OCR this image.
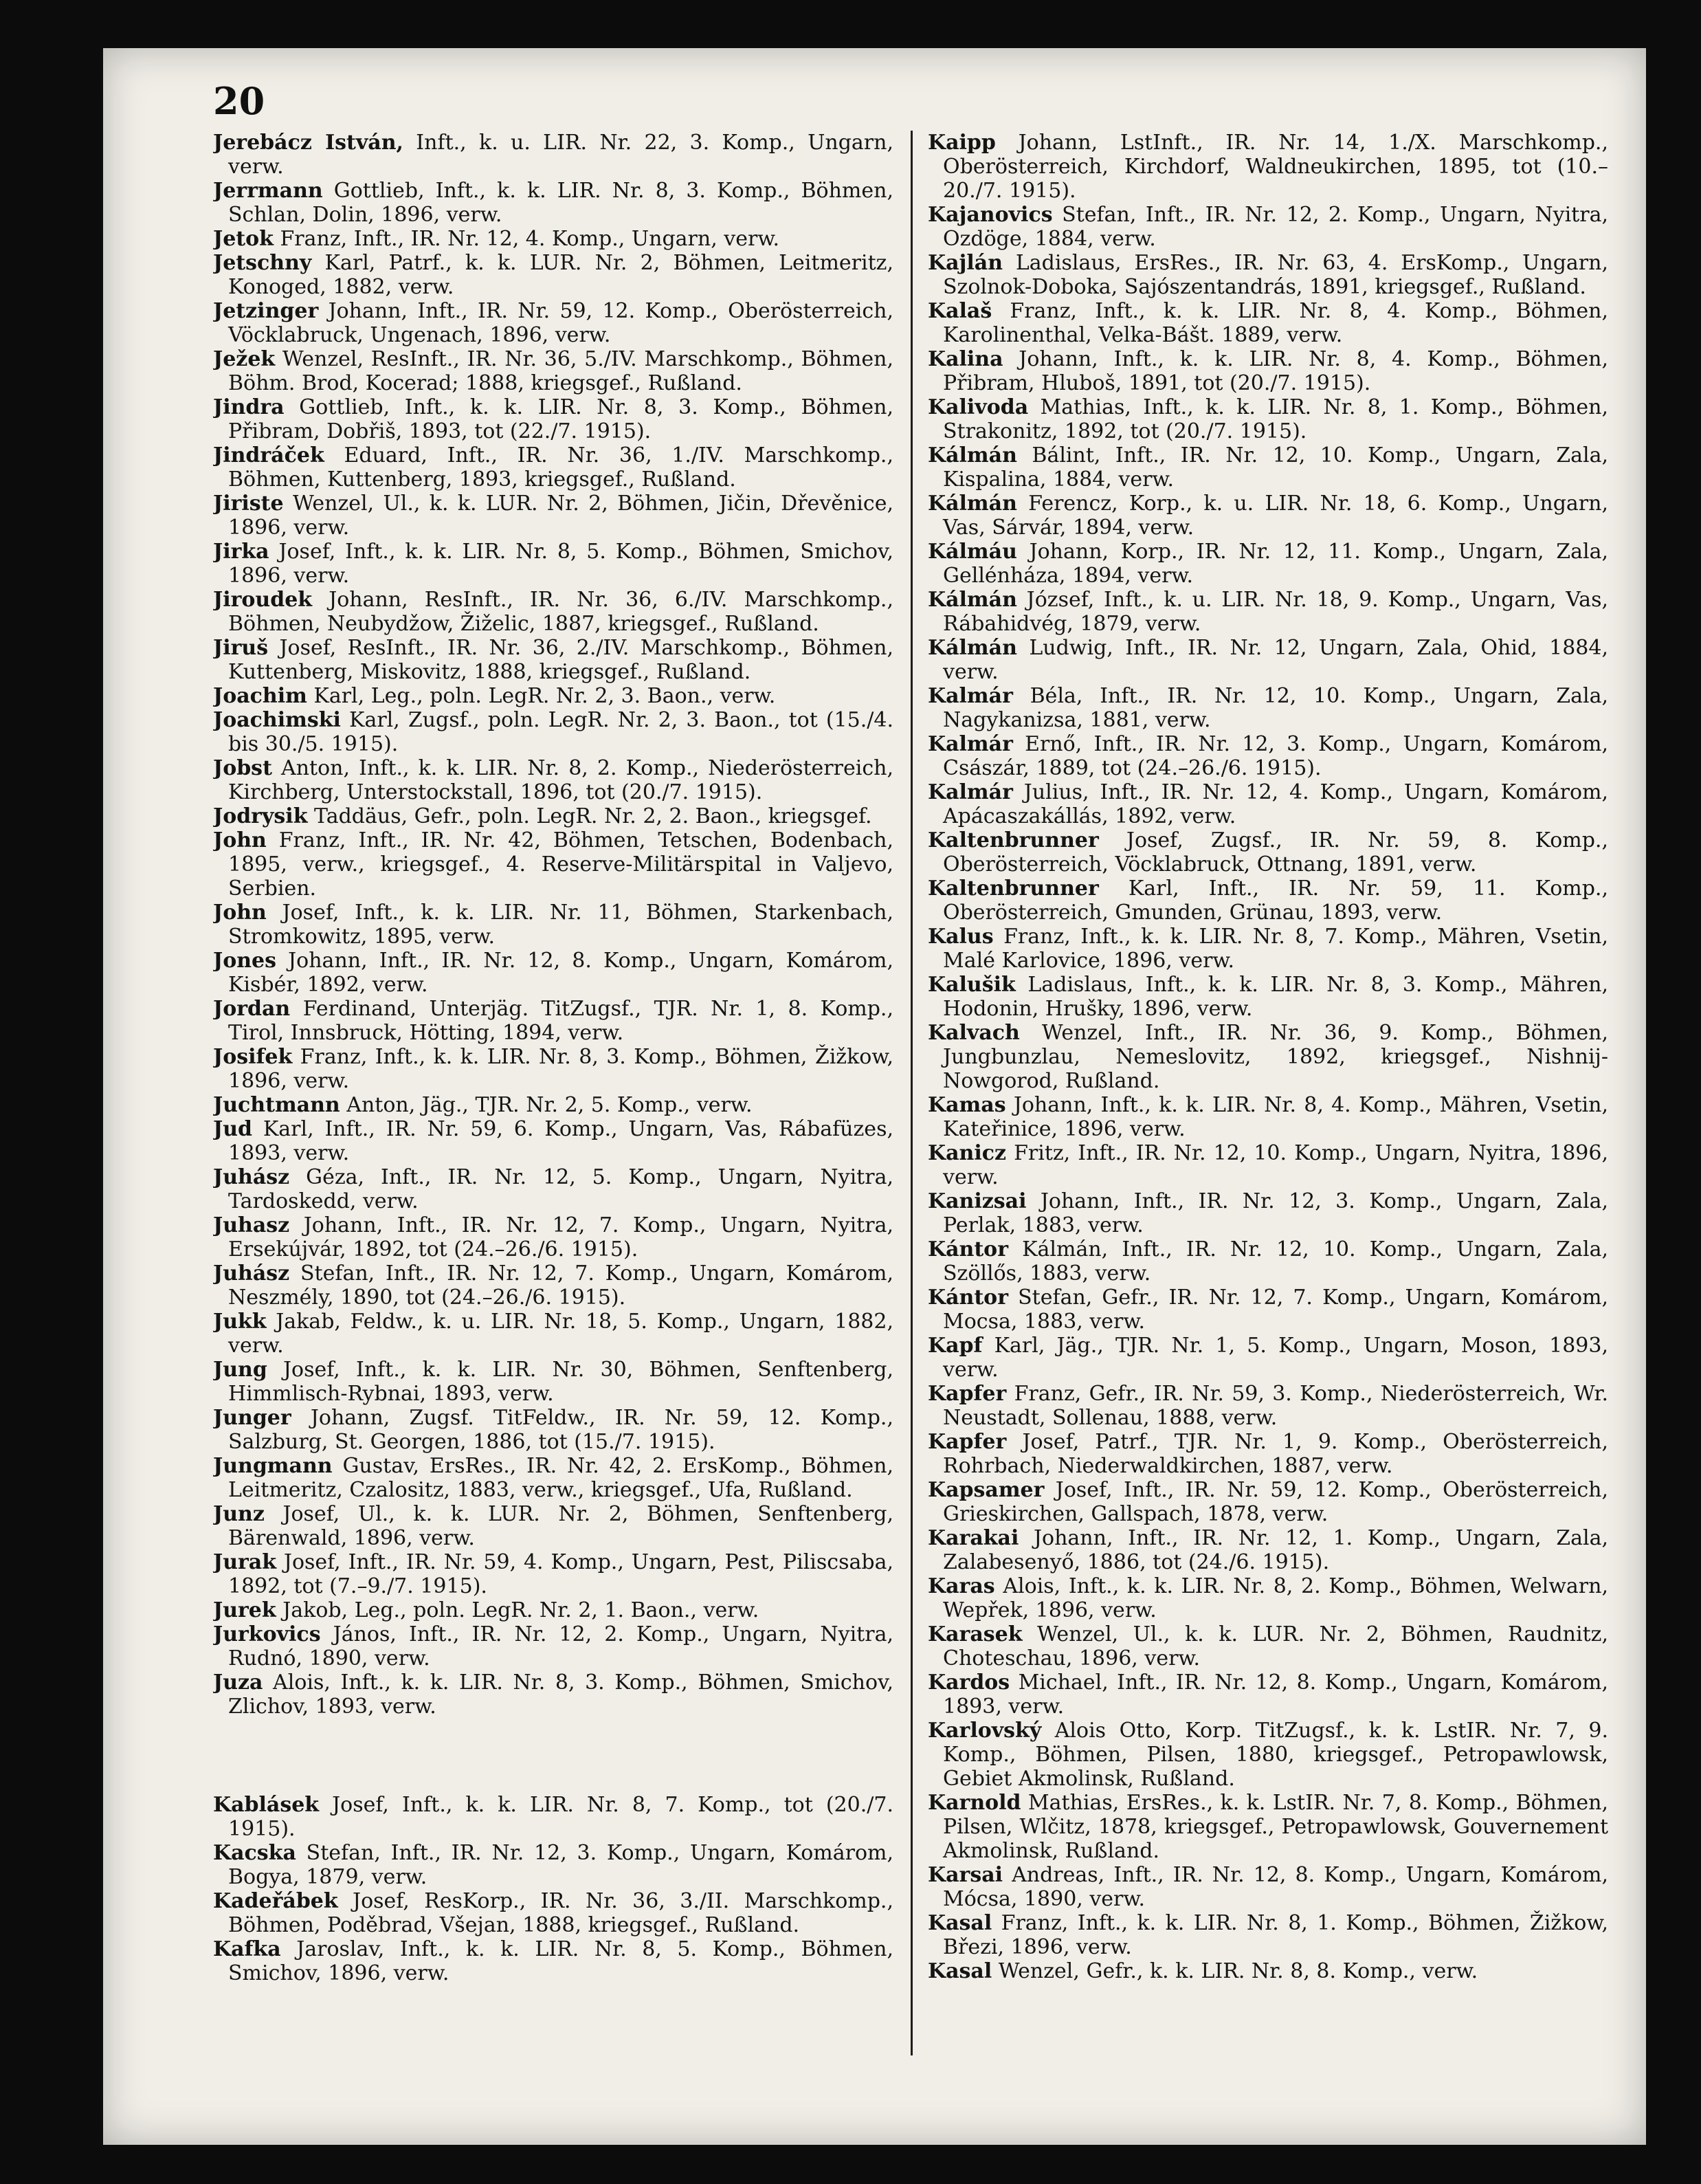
20

Jerebácz István, Inft., k. u. LIR. Nr. 22, 3. Komp., Ungarn, verw.

Jerrmann Gottlieb, Inft., k. k. LIR. Nr. 8, 3. Komp., Böhmen, Schlan, Dolin, 1896, verw.

Jetok Franz, Inft., IR. Nr. 12, 4. Komp., Ungarn, verw.

Jetschny Karl, Patrf., k. k. LUR. Nr. 2, Böhmen, Leitmeritz, Konoged, 1882, verw.

Jetzinger Johann, Inft., IR. Nr. 59, 12. Komp., Oberösterreich, Vöcklabruck, Ungenach, 1896, verw.

Ježek Wenzel, ResInft., IR. Nr. 36, 5./IV. Marschkomp., Böhmen, Böhm. Brod, Kocerad; 1888, kriegsgef., Rußland.

Jindra Gottlieb, Inft., k. k. LIR. Nr. 8, 3. Komp., Böhmen, Přibram, Dobřiš, 1893, tot (22./7. 1915).

Jindráček Eduard, Inft., IR. Nr. 36, 1./IV. Marschkomp., Böhmen, Kuttenberg, 1893, kriegsgef., Rußland.

Jiriste Wenzel, Ul., k. k. LUR. Nr. 2, Böhmen, Jičin, Dřevěnice, 1896, verw.

Jirka Josef, Inft., k. k. LIR. Nr. 8, 5. Komp., Böhmen, Smichov, 1896, verw.

Jiroudek Johann, ResInft., IR. Nr. 36, 6./IV. Marschkomp., Böhmen, Neubydžow, Žiželic, 1887, kriegsgef., Rußland.

Jiruš Josef, ResInft., IR. Nr. 36, 2./IV. Marschkomp., Böhmen, Kuttenberg, Miskovitz, 1888, kriegsgef., Rußland.

Joachim Karl, Leg., poln. LegR. Nr. 2, 3. Baon., verw.

Joachimski Karl, Zugsf., poln. LegR. Nr. 2, 3. Baon., tot (15./4. bis 30./5. 1915).

Jobst Anton, Inft., k. k. LIR. Nr. 8, 2. Komp., Niederösterreich, Kirchberg, Unterstockstall, 1896, tot (20./7. 1915).

Jodrysik Taddäus, Gefr., poln. LegR. Nr. 2, 2. Baon., kriegsgef.

John Franz, Inft., IR. Nr. 42, Böhmen, Tetschen, Bodenbach, 1895, verw., kriegsgef., 4. Reserve-Militärspital in Valjevo, Serbien.

John Josef, Inft., k. k. LIR. Nr. 11, Böhmen, Starkenbach, Stromkowitz, 1895, verw.

Jones Johann, Inft., IR. Nr. 12, 8. Komp., Ungarn, Komárom, Kisbér, 1892, verw.

Jordan Ferdinand, Unterjäg. TitZugsf., TJR. Nr. 1, 8. Komp., Tirol, Innsbruck, Hötting, 1894, verw.

Josifek Franz, Inft., k. k. LIR. Nr. 8, 3. Komp., Böhmen, Žižkow, 1896, verw.

Juchtmann Anton, Jäg., TJR. Nr. 2, 5. Komp., verw.

Jud Karl, Inft., IR. Nr. 59, 6. Komp., Ungarn, Vas, Rábafüzes, 1893, verw.

Juhász Géza, Inft., IR. Nr. 12, 5. Komp., Ungarn, Nyitra, Tardoskedd, verw.

Juhasz Johann, Inft., IR. Nr. 12, 7. Komp., Ungarn, Nyitra, Ersekújvár, 1892, tot (24.–26./6. 1915).

Juhász Stefan, Inft., IR. Nr. 12, 7. Komp., Ungarn, Komárom, Neszmély, 1890, tot (24.–26./6. 1915).

Jukk Jakab, Feldw., k. u. LIR. Nr. 18, 5. Komp., Ungarn, 1882, verw.

Jung Josef, Inft., k. k. LIR. Nr. 30, Böhmen, Senftenberg, Himmlisch-Rybnai, 1893, verw.

Junger Johann, Zugsf. TitFeldw., IR. Nr. 59, 12. Komp., Salzburg, St. Georgen, 1886, tot (15./7. 1915).

Jungmann Gustav, ErsRes., IR. Nr. 42, 2. ErsKomp., Böhmen, Leitmeritz, Czalositz, 1883, verw., kriegsgef., Ufa, Rußland.

Junz Josef, Ul., k. k. LUR. Nr. 2, Böhmen, Senftenberg, Bärenwald, 1896, verw.

Jurak Josef, Inft., IR. Nr. 59, 4. Komp., Ungarn, Pest, Piliscsaba, 1892, tot (7.–9./7. 1915).

Jurek Jakob, Leg., poln. LegR. Nr. 2, 1. Baon., verw.

Jurkovics János, Inft., IR. Nr. 12, 2. Komp., Ungarn, Nyitra, Rudnó, 1890, verw.

Juza Alois, Inft., k. k. LIR. Nr. 8, 3. Komp., Böhmen, Smichov, Zlichov, 1893, verw.

Kablásek Josef, Inft., k. k. LIR. Nr. 8, 7. Komp., tot (20./7. 1915).

Kacska Stefan, Inft., IR. Nr. 12, 3. Komp., Ungarn, Komárom, Bogya, 1879, verw.

Kadeřábek Josef, ResKorp., IR. Nr. 36, 3./II. Marschkomp., Böhmen, Poděbrad, Všejan, 1888, kriegsgef., Rußland.

Kafka Jaroslav, Inft., k. k. LIR. Nr. 8, 5. Komp., Böhmen, Smichov, 1896, verw.

Kaipp Johann, LstInft., IR. Nr. 14, 1./X. Marschkomp., Oberösterreich, Kirchdorf, Waldneukirchen, 1895, tot (10.–20./7. 1915).

Kajanovics Stefan, Inft., IR. Nr. 12, 2. Komp., Ungarn, Nyitra, Ozdöge, 1884, verw.

Kajlán Ladislaus, ErsRes., IR. Nr. 63, 4. ErsKomp., Ungarn, Szolnok-Doboka, Sajószentandrás, 1891, kriegsgef., Rußland.

Kalaš Franz, Inft., k. k. LIR. Nr. 8, 4. Komp., Böhmen, Karolinenthal, Velka-Bášt. 1889, verw.

Kalina Johann, Inft., k. k. LIR. Nr. 8, 4. Komp., Böhmen, Přibram, Hluboš, 1891, tot (20./7. 1915).

Kalivoda Mathias, Inft., k. k. LIR. Nr. 8, 1. Komp., Böhmen, Strakonitz, 1892, tot (20./7. 1915).

Kálmán Bálint, Inft., IR. Nr. 12, 10. Komp., Ungarn, Zala, Kispalina, 1884, verw.

Kálmán Ferencz, Korp., k. u. LIR. Nr. 18, 6. Komp., Ungarn, Vas, Sárvár, 1894, verw.

Kálmáu Johann, Korp., IR. Nr. 12, 11. Komp., Ungarn, Zala, Gellénháza, 1894, verw.

Kálmán József, Inft., k. u. LIR. Nr. 18, 9. Komp., Ungarn, Vas, Rábahidvég, 1879, verw.

Kálmán Ludwig, Inft., IR. Nr. 12, Ungarn, Zala, Ohid, 1884, verw.

Kalmár Béla, Inft., IR. Nr. 12, 10. Komp., Ungarn, Zala, Nagykanizsa, 1881, verw.

Kalmár Ernő, Inft., IR. Nr. 12, 3. Komp., Ungarn, Komárom, Császár, 1889, tot (24.–26./6. 1915).

Kalmár Julius, Inft., IR. Nr. 12, 4. Komp., Ungarn, Komárom, Apácaszakállás, 1892, verw.

Kaltenbrunner Josef, Zugsf., IR. Nr. 59, 8. Komp., Oberösterreich, Vöcklabruck, Ottnang, 1891, verw.

Kaltenbrunner Karl, Inft., IR. Nr. 59, 11. Komp., Oberösterreich, Gmunden, Grünau, 1893, verw.

Kalus Franz, Inft., k. k. LIR. Nr. 8, 7. Komp., Mähren, Vsetin, Malé Karlovice, 1896, verw.

Kalušik Ladislaus, Inft., k. k. LIR. Nr. 8, 3. Komp., Mähren, Hodonin, Hrušky, 1896, verw.

Kalvach Wenzel, Inft., IR. Nr. 36, 9. Komp., Böhmen, Jungbunzlau, Nemeslovitz, 1892, kriegsgef., Nishnij-Nowgorod, Rußland.

Kamas Johann, Inft., k. k. LIR. Nr. 8, 4. Komp., Mähren, Vsetin, Kateřinice, 1896, verw.

Kanicz Fritz, Inft., IR. Nr. 12, 10. Komp., Ungarn, Nyitra, 1896, verw.

Kanizsai Johann, Inft., IR. Nr. 12, 3. Komp., Ungarn, Zala, Perlak, 1883, verw.

Kántor Kálmán, Inft., IR. Nr. 12, 10. Komp., Ungarn, Zala, Szöllős, 1883, verw.

Kántor Stefan, Gefr., IR. Nr. 12, 7. Komp., Ungarn, Komárom, Mocsa, 1883, verw.

Kapf Karl, Jäg., TJR. Nr. 1, 5. Komp., Ungarn, Moson, 1893, verw.

Kapfer Franz, Gefr., IR. Nr. 59, 3. Komp., Niederösterreich, Wr. Neustadt, Sollenau, 1888, verw.

Kapfer Josef, Patrf., TJR. Nr. 1, 9. Komp., Oberösterreich, Rohrbach, Niederwaldkirchen, 1887, verw.

Kapsamer Josef, Inft., IR. Nr. 59, 12. Komp., Oberösterreich, Grieskirchen, Gallspach, 1878, verw.

Karakai Johann, Inft., IR. Nr. 12, 1. Komp., Ungarn, Zala, Zalabesenyő, 1886, tot (24./6. 1915).

Karas Alois, Inft., k. k. LIR. Nr. 8, 2. Komp., Böhmen, Welwarn, Wepřek, 1896, verw.

Karasek Wenzel, Ul., k. k. LUR. Nr. 2, Böhmen, Raudnitz, Choteschau, 1896, verw.

Kardos Michael, Inft., IR. Nr. 12, 8. Komp., Ungarn, Komárom, 1893, verw.

Karlovský Alois Otto, Korp. TitZugsf., k. k. LstIR. Nr. 7, 9. Komp., Böhmen, Pilsen, 1880, kriegsgef., Petropawlowsk, Gebiet Akmolinsk, Rußland.

Karnold Mathias, ErsRes., k. k. LstIR. Nr. 7, 8. Komp., Böhmen, Pilsen, Wlčitz, 1878, kriegsgef., Petropawlowsk, Gouvernement Akmolinsk, Rußland.

Karsai Andreas, Inft., IR. Nr. 12, 8. Komp., Ungarn, Komárom, Mócsa, 1890, verw.

Kasal Franz, Inft., k. k. LIR. Nr. 8, 1. Komp., Böhmen, Žižkow, Březi, 1896, verw.

Kasal Wenzel, Gefr., k. k. LIR. Nr. 8, 8. Komp., verw.
